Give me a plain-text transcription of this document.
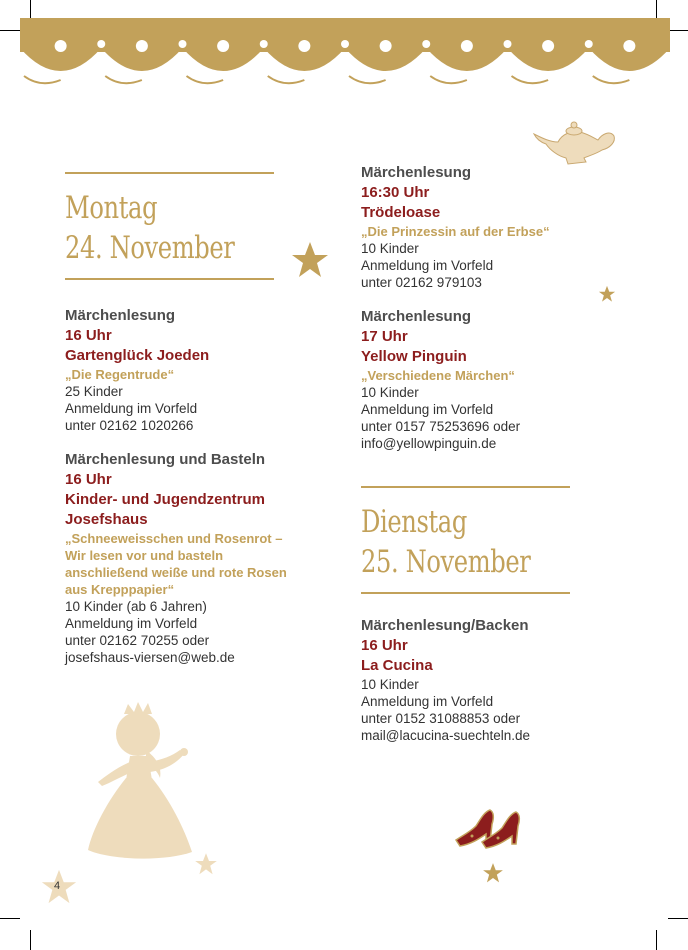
Montag
24. November
Märchenlesung
16 Uhr
Gartenglück Joeden
„Die Regentrude“
25 Kinder
Anmeldung im Vorfeld
unter 02162 1020266
Märchenlesung und Basteln
16 Uhr
Kinder- und Jugendzentrum
Josefshaus
„Schneeweisschen und Rosenrot –
Wir lesen vor und basteln
anschließend weiße und rote Rosen
aus Krepppapier“
10 Kinder (ab 6 Jahren)
Anmeldung im Vorfeld
unter 02162 70255 oder
josefshaus-viersen@web.de
Märchenlesung
16:30 Uhr
Trödeloase
„Die Prinzessin auf der Erbse“
10 Kinder
Anmeldung im Vorfeld
unter 02162 979103
Märchenlesung
17 Uhr
Yellow Pinguin
„Verschiedene Märchen“
10 Kinder
Anmeldung im Vorfeld
unter 0157 75253696 oder
info@yellowpinguin.de
Dienstag
25. November
Märchenlesung/Backen
16 Uhr
La Cucina
10 Kinder
Anmeldung im Vorfeld
unter 0152 31088853 oder
mail@lacucina-suechteln.de
4
